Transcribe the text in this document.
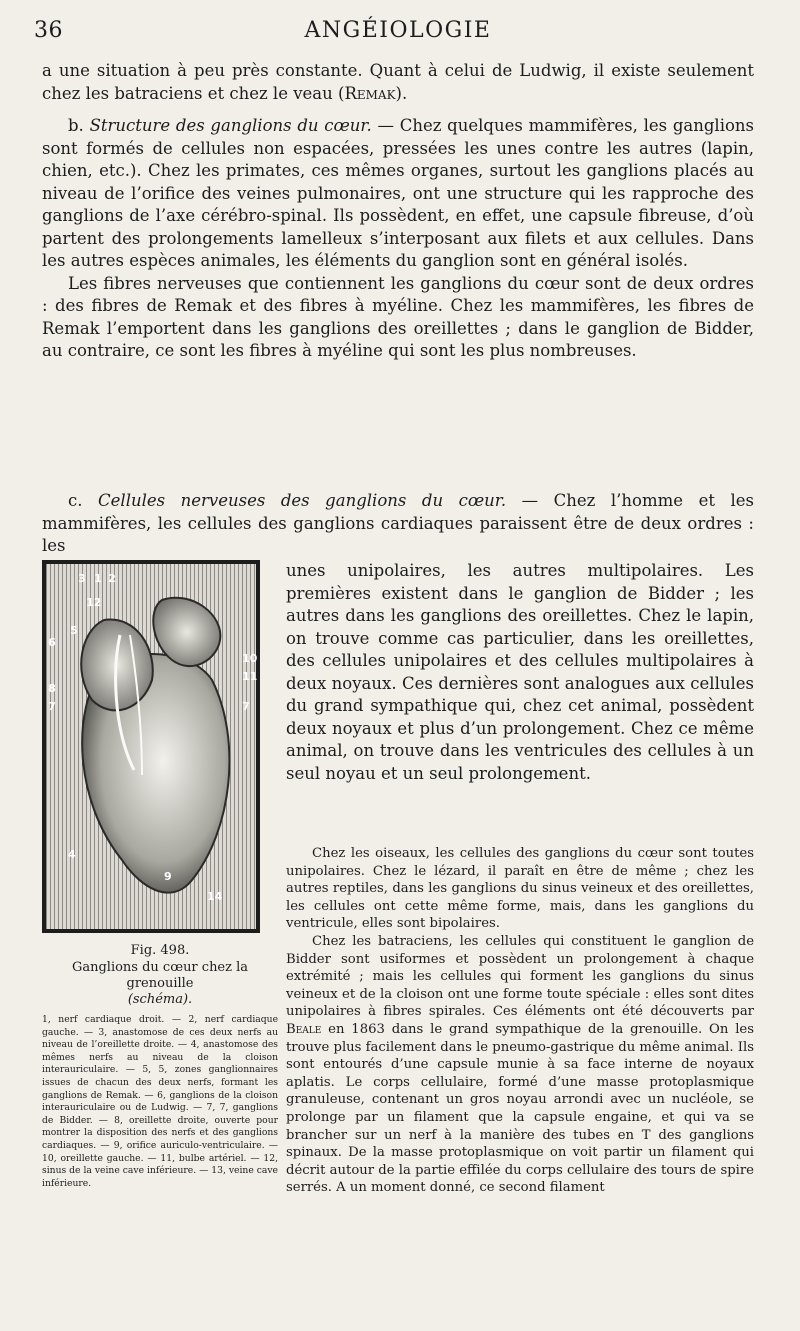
36	ANGÉIOLOGIE

a une situation à peu près constante. Quant à celui de Ludwig, il existe seulement chez les batraciens et chez le veau (Remak).

b. Structure des ganglions du cœur. — Chez quelques mammifères, les ganglions sont formés de cellules non espacées, pressées les unes contre les autres (lapin, chien, etc.). Chez les primates, ces mêmes organes, surtout les ganglions placés au niveau de l’orifice des veines pulmonaires, ont une structure qui les rapproche des ganglions de l’axe cérébro-spinal. Ils possèdent, en effet, une capsule fibreuse, d’où partent des prolongements lamelleux s’interposant aux filets et aux cellules. Dans les autres espèces animales, les éléments du ganglion sont en général isolés.

Les fibres nerveuses que contiennent les ganglions du cœur sont de deux ordres : des fibres de Remak et des fibres à myéline. Chez les mammifères, les fibres de Remak l’emportent dans les ganglions des oreillettes ; dans le ganglion de Bidder, au contraire, ce sont les fibres à myéline qui sont les plus nombreuses.

c. Cellules nerveuses des ganglions du cœur. — Chez l’homme et les mammifères, les cellules des ganglions cardiaques paraissent être de deux ordres : les

1 2
3
12
5
6
10
11
8
7	7
4
9
14
Fig. 498.
Ganglions du cœur chez la grenouille
(schéma).

1, nerf cardiaque droit. — 2, nerf cardiaque gauche. — 3, anastomose de ces deux nerfs au niveau de l’oreillette droite. — 4, anastomose des mêmes nerfs au niveau de la cloison interauriculaire. — 5, 5, zones ganglionnaires issues de chacun des deux nerfs, formant les ganglions de Remak. — 6, ganglions de la cloison interauriculaire ou de Ludwig. — 7, 7, ganglions de Bidder. — 8, oreillette droite, ouverte pour montrer la disposition des nerfs et des ganglions cardiaques. — 9, orifice auriculo-ventriculaire. — 10, oreillette gauche. — 11, bulbe artériel. — 12, sinus de la veine cave inférieure. — 13, veine cave inférieure.

unes unipolaires, les autres multipolaires. Les premières existent dans le ganglion de Bidder ; les autres dans les ganglions des oreillettes. Chez le lapin, on trouve comme cas particulier, dans les oreillettes, des cellules unipolaires et des cellules multipolaires à deux noyaux. Ces dernières sont analogues aux cellules du grand sympathique qui, chez cet animal, possèdent deux noyaux et plus d’un prolongement. Chez ce même animal, on trouve dans les ventricules des cellules à un seul noyau et un seul prolongement.

Chez les oiseaux, les cellules des ganglions du cœur sont toutes unipolaires. Chez le lézard, il paraît en être de même ; chez les autres reptiles, dans les ganglions du sinus veineux et des oreillettes, les cellules ont cette même forme, mais, dans les ganglions du ventricule, elles sont bipolaires.

Chez les batraciens, les cellules qui constituent le ganglion de Bidder sont usiformes et possèdent un prolongement à chaque extrémité ; mais les cellules qui forment les ganglions du sinus veineux et de la cloison ont une forme toute spéciale : elles sont dites unipolaires à fibres spirales. Ces éléments ont été découverts par Beale en 1863 dans le grand sympathique de la grenouille. On les trouve plus facilement dans le pneumo-gastrique du même animal. Ils sont entourés d’une capsule munie à sa face interne de noyaux aplatis. Le corps cellulaire, formé d’une masse protoplasmique granuleuse, contenant un gros noyau arrondi avec un nucléole, se prolonge par un filament que la capsule engaine, et qui va se brancher sur un nerf à la manière des tubes en T des ganglions spinaux. De la masse protoplasmique on voit partir un filament qui décrit autour de la partie effilée du corps cellulaire des tours de spire serrés. A un moment donné, ce second filament
